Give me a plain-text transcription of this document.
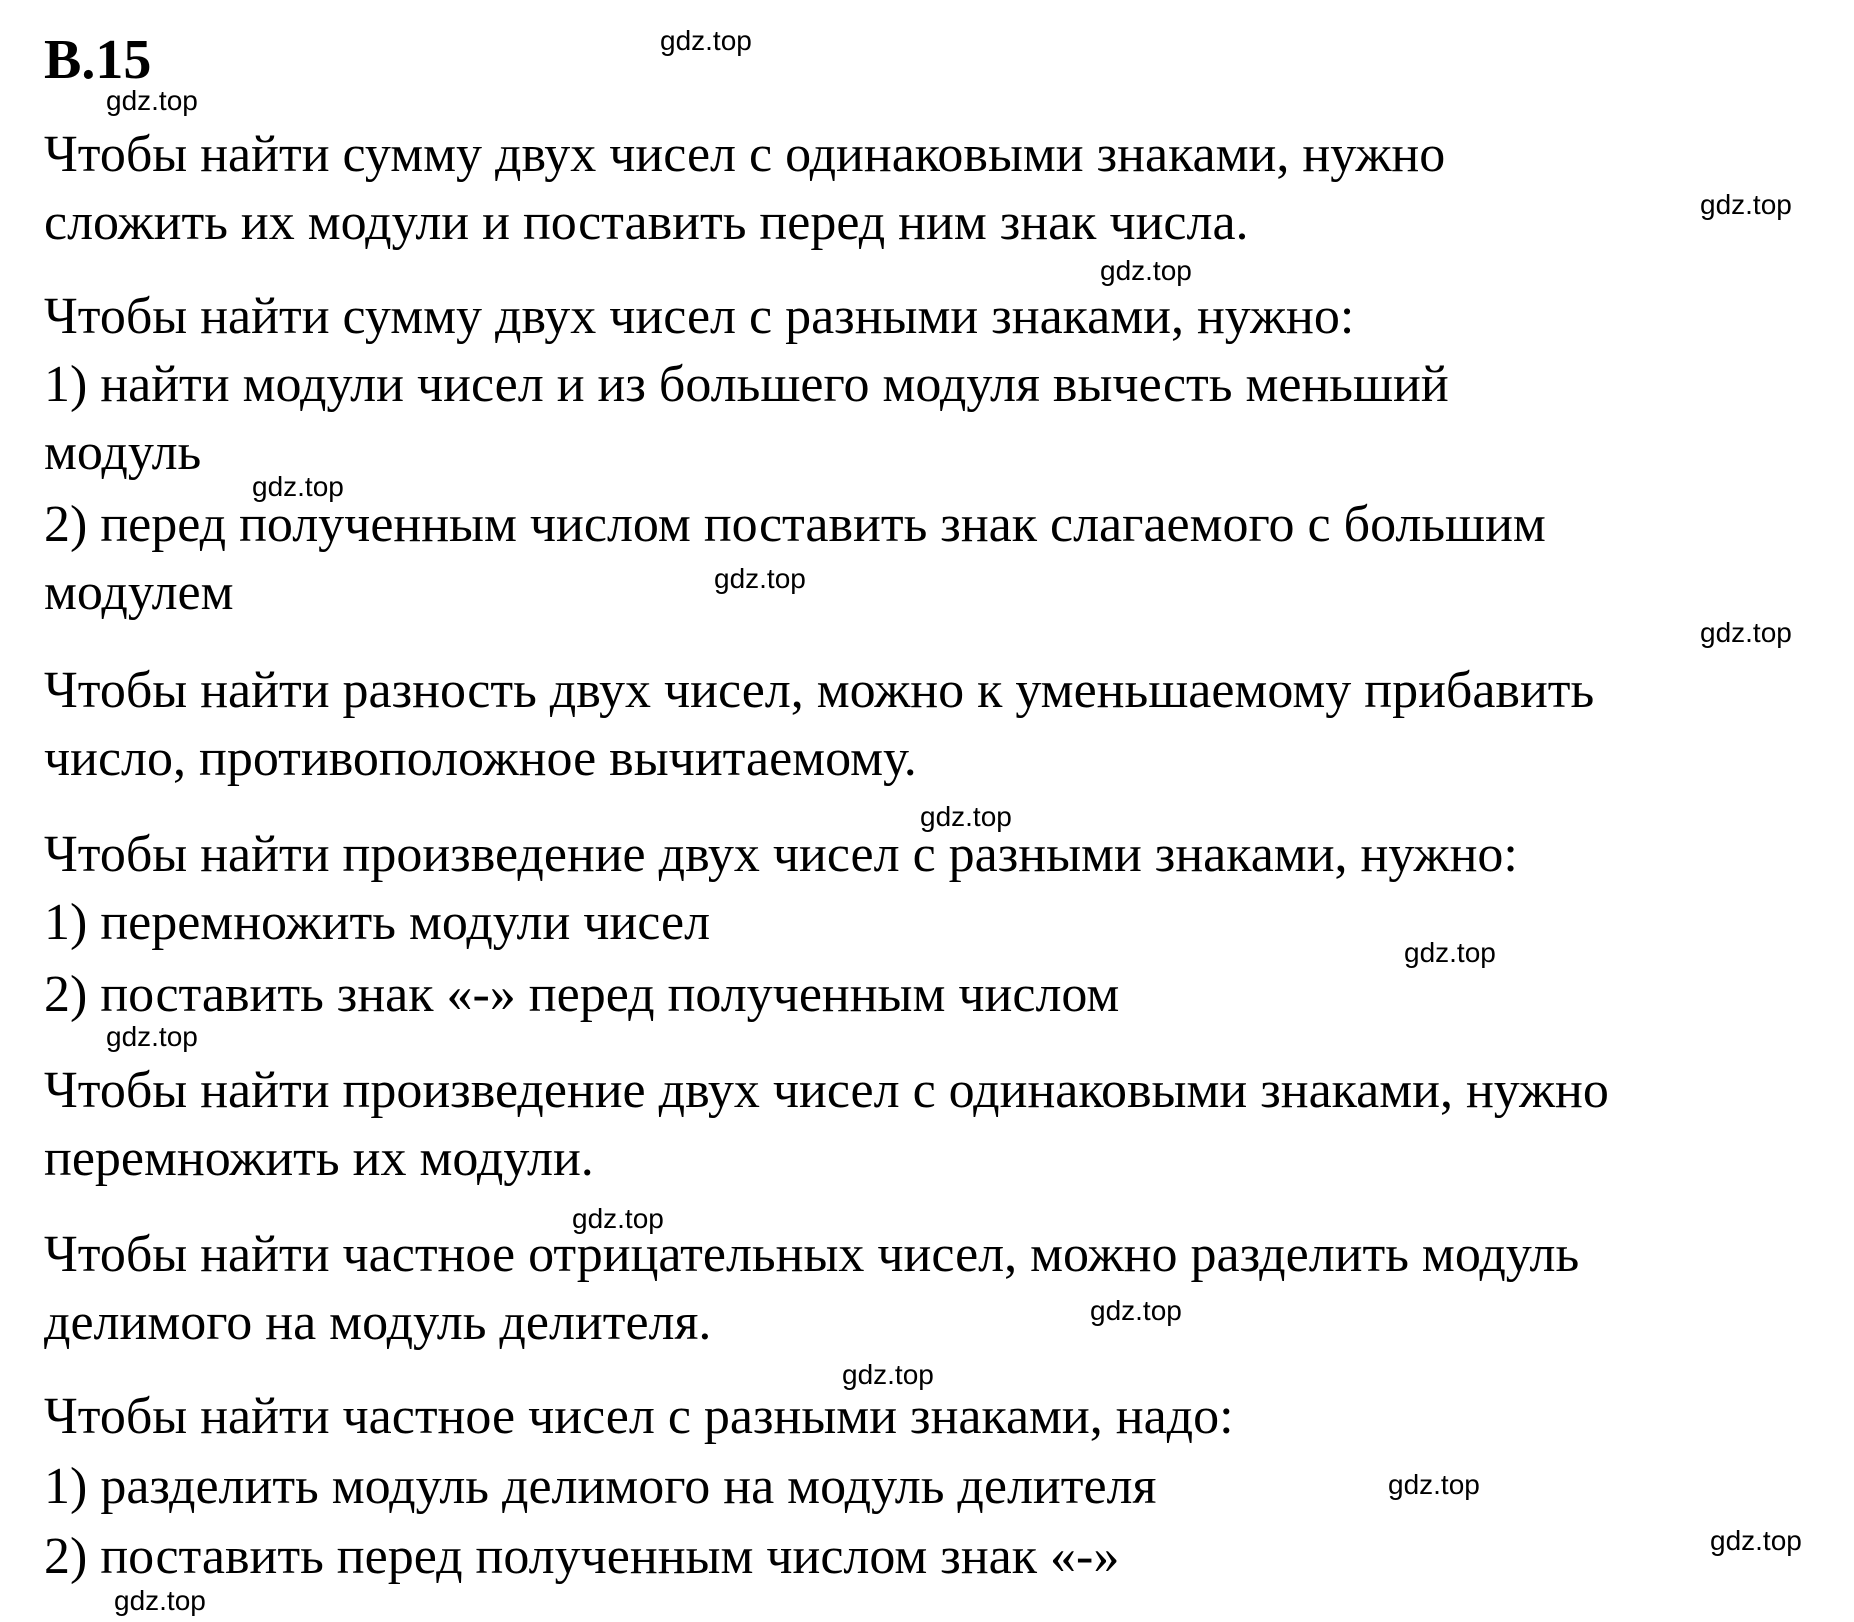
В.15

Чтобы найти сумму двух чисел с одинаковыми знаками, нужно

сложить их модули и поставить перед ним знак числа.

Чтобы найти сумму двух чисел с разными знаками, нужно:

1) найти модули чисел и из большего модуля вычесть меньший

модуль

2) перед полученным числом поставить знак слагаемого с большим

модулем

Чтобы найти разность двух чисел, можно к уменьшаемому прибавить

число, противоположное вычитаемому.

Чтобы найти произведение двух чисел с разными знаками, нужно:

1) перемножить модули чисел

2) поставить знак «-» перед полученным числом

Чтобы найти произведение двух чисел с одинаковыми знаками, нужно

перемножить их модули.

Чтобы найти частное отрицательных чисел, можно разделить модуль

делимого на модуль делителя.

Чтобы найти частное чисел с разными знаками, надо:

1) разделить модуль делимого на модуль делителя

2) поставить перед полученным числом знак «-»

gdz.top
gdz.top
gdz.top
gdz.top
gdz.top
gdz.top
gdz.top
gdz.top
gdz.top
gdz.top
gdz.top
gdz.top
gdz.top
gdz.top
gdz.top
gdz.top
